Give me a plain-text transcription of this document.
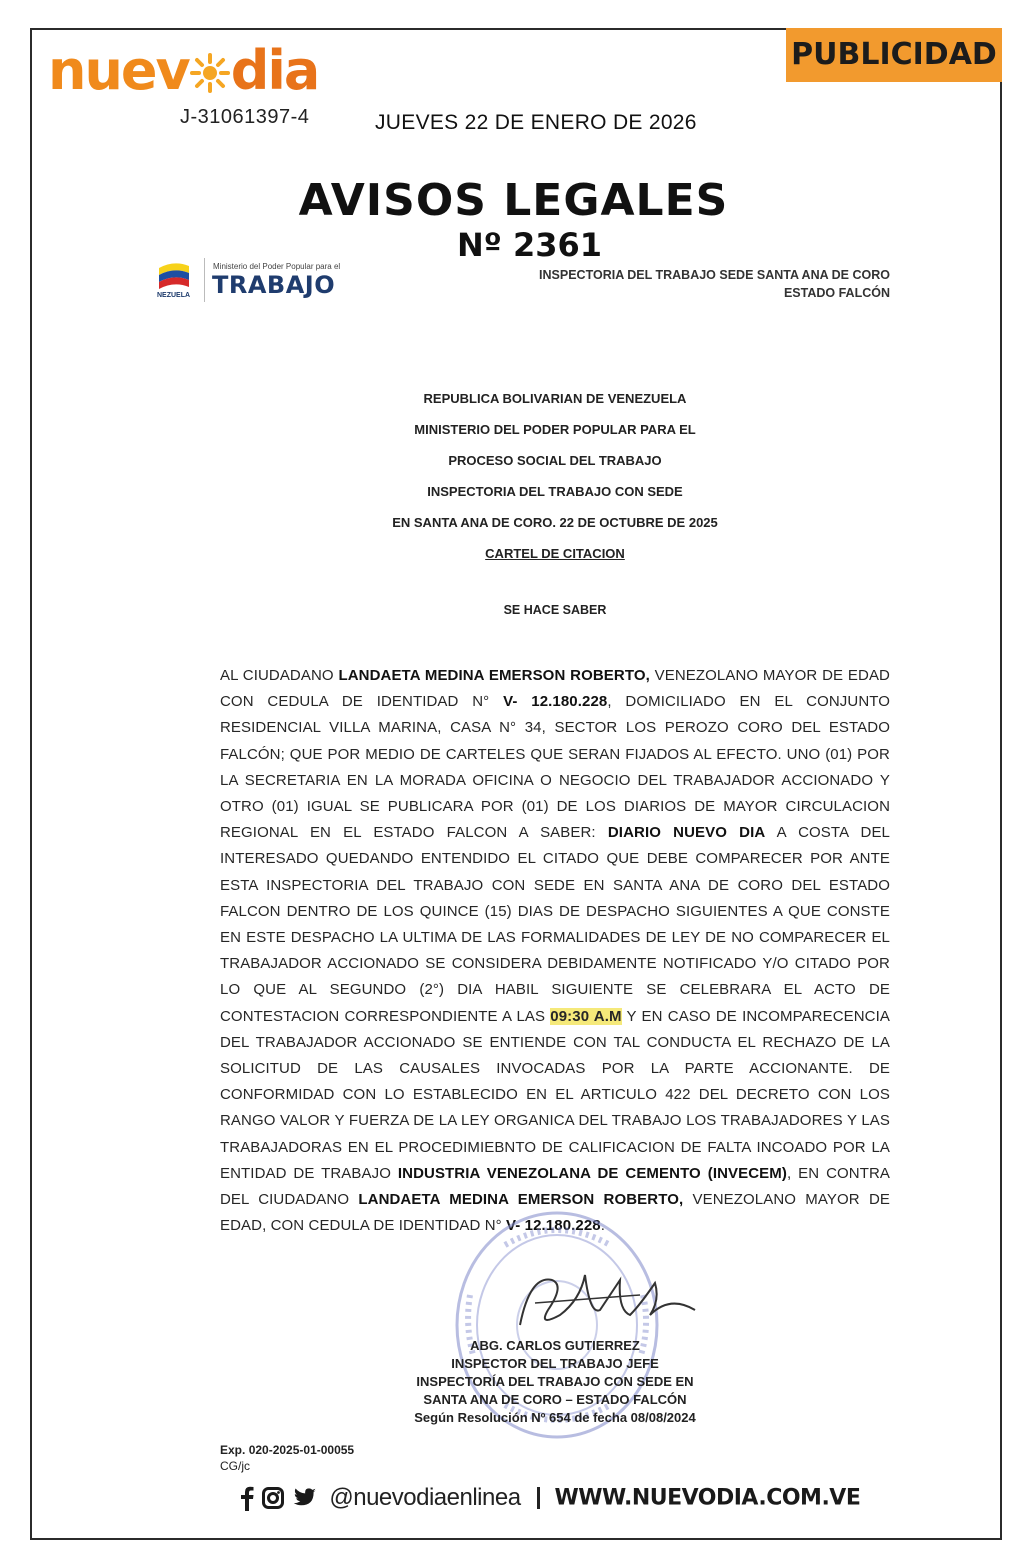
nuev dia
J-31061397-4	JUEVES 22 DE ENERO DE 2026
PUBLICIDAD
AVISOS LEGALES
Nº 2361
NEZUELA
Ministerio del Poder Popular para el
TRABAJO	INSPECTORIA DEL TRABAJO SEDE SANTA ANA DE CORO
ESTADO FALCÓN
REPUBLICA BOLIVARIAN DE VENEZUELA
MINISTERIO DEL PODER POPULAR PARA EL
PROCESO SOCIAL DEL TRABAJO
INSPECTORIA DEL TRABAJO CON SEDE
EN SANTA ANA DE CORO. 22 DE OCTUBRE DE 2025
CARTEL DE CITACION
SE HACE SABER
AL CIUDADANO LANDAETA MEDINA EMERSON ROBERTO, VENEZOLANO MAYOR DE EDAD CON CEDULA DE IDENTIDAD N° V- 12.180.228, DOMICILIADO EN EL CONJUNTO RESIDENCIAL VILLA MARINA, CASA N° 34, SECTOR LOS PEROZO CORO DEL ESTADO FALCÓN; QUE POR MEDIO DE CARTELES QUE SERAN FIJADOS AL EFECTO. UNO (01) POR LA SECRETARIA EN LA MORADA OFICINA O NEGOCIO DEL TRABAJADOR ACCIONADO Y OTRO (01) IGUAL SE PUBLICARA POR (01) DE LOS DIARIOS DE MAYOR CIRCULACION REGIONAL EN EL ESTADO FALCON A SABER: DIARIO NUEVO DIA A COSTA DEL INTERESADO QUEDANDO ENTENDIDO EL CITADO QUE DEBE COMPARECER POR ANTE ESTA INSPECTORIA DEL TRABAJO CON SEDE EN SANTA ANA DE CORO DEL ESTADO FALCON DENTRO DE LOS QUINCE (15) DIAS DE DESPACHO SIGUIENTES A QUE CONSTE EN ESTE DESPACHO LA ULTIMA DE LAS FORMALIDADES DE LEY DE NO COMPARECER EL TRABAJADOR ACCIONADO SE CONSIDERA DEBIDAMENTE NOTIFICADO Y/O CITADO POR LO QUE AL SEGUNDO (2°) DIA HABIL SIGUIENTE SE CELEBRARA EL ACTO DE CONTESTACION CORRESPONDIENTE A LAS 09:30 A.M Y EN CASO DE INCOMPARECENCIA DEL TRABAJADOR ACCIONADO SE ENTIENDE CON TAL CONDUCTA EL RECHAZO DE LA SOLICITUD DE LAS CAUSALES INVOCADAS POR LA PARTE ACCIONANTE. DE CONFORMIDAD CON LO ESTABLECIDO EN EL ARTICULO 422 DEL DECRETO CON LOS RANGO VALOR Y FUERZA DE LA LEY ORGANICA DEL TRABAJO LOS TRABAJADORES Y LAS TRABAJADORAS EN EL PROCEDIMIEBNTO DE CALIFICACION DE FALTA INCOADO POR LA ENTIDAD DE TRABAJO INDUSTRIA VENEZOLANA DE CEMENTO (INVECEM), EN CONTRA DEL CIUDADANO LANDAETA MEDINA EMERSON ROBERTO, VENEZOLANO MAYOR DE EDAD, CON CEDULA DE IDENTIDAD N° V- 12.180.228.
ABG. CARLOS GUTIERREZ
INSPECTOR DEL TRABAJO JEFE
INSPECTORÍA DEL TRABAJO CON SEDE EN
SANTA ANA DE CORO – ESTADO FALCÓN
Según Resolución Nº 654 de fecha 08/08/2024
Exp. 020-2025-01-00055
CG/jc
@nuevodiaenlinea WWW.NUEVODIA.COM.VE
